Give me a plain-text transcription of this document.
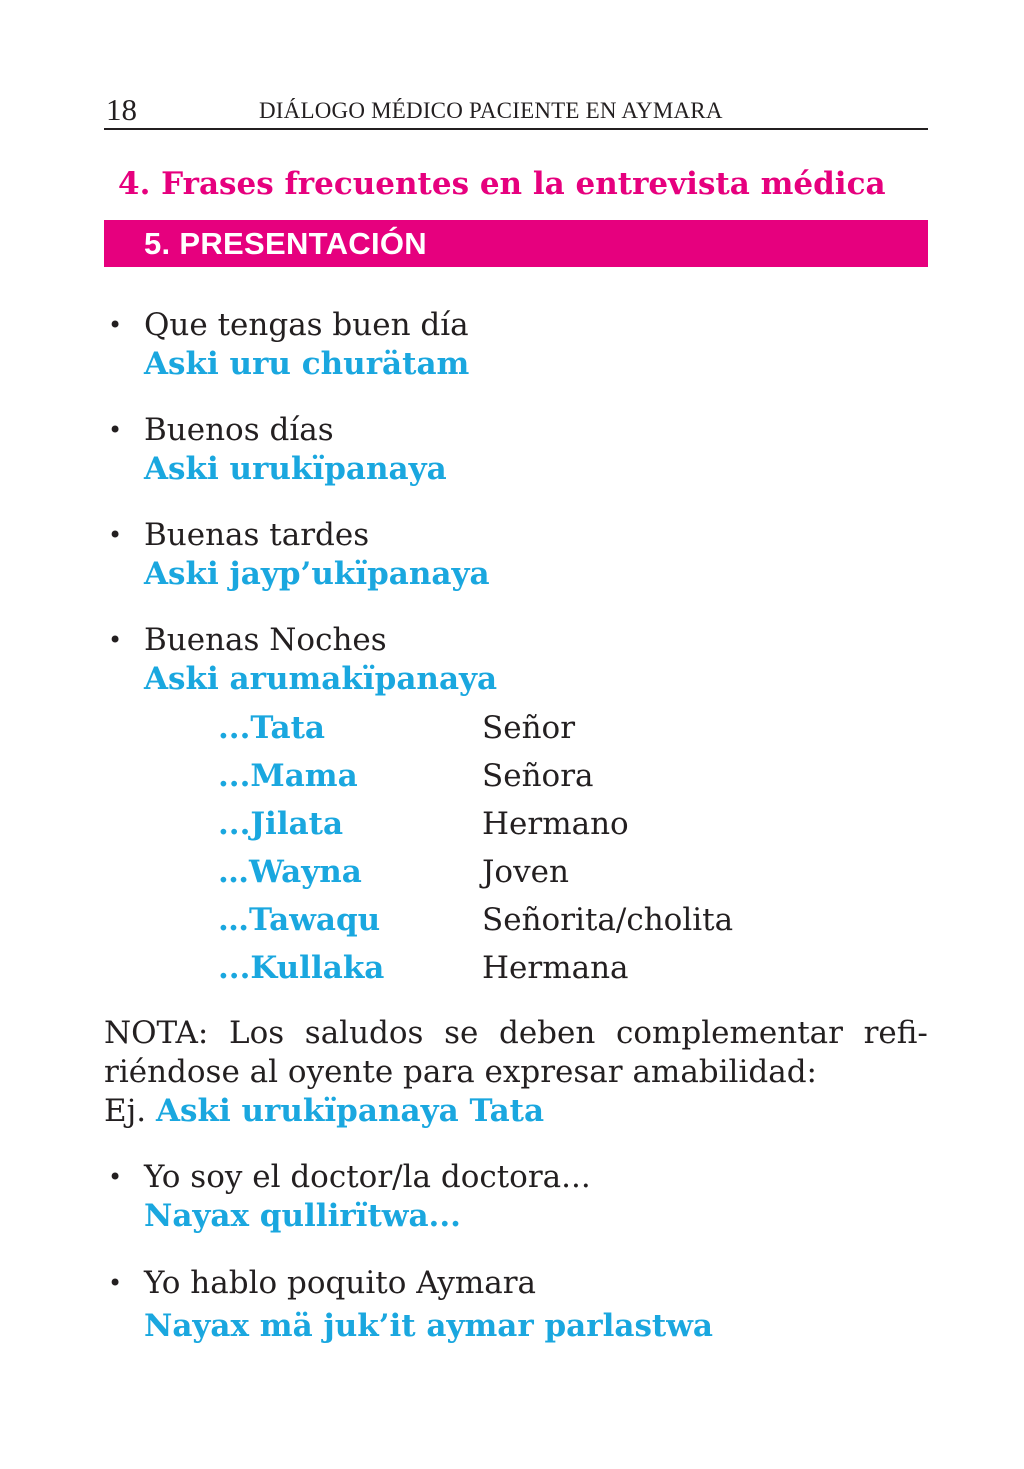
18	DIÁLOGO MÉDICO PACIENTE EN AYMARA
4. Frases frecuentes en la entrevista médica
5. PRESENTACIÓN
• Que tengas buen día
Aski uru churätam
• Buenos días
Aski urukïpanaya
• Buenas tardes
Aski jayp’ukïpanaya
• Buenas Noches
Aski arumakïpanaya
...Tata	Señor
...Mama	Señora
...Jilata	Hermano
…Wayna	Joven
…Tawaqu	Señorita/cholita
...Kullaka	Hermana
NOTA: Los saludos se deben complementar refi-
riéndose al oyente para expresar amabilidad:
Ej. Aski urukïpanaya Tata
• Yo soy el doctor/la doctora...
Nayax qullirïtwa...
• Yo hablo poquito Aymara
Nayax mä juk’it aymar parlastwa
